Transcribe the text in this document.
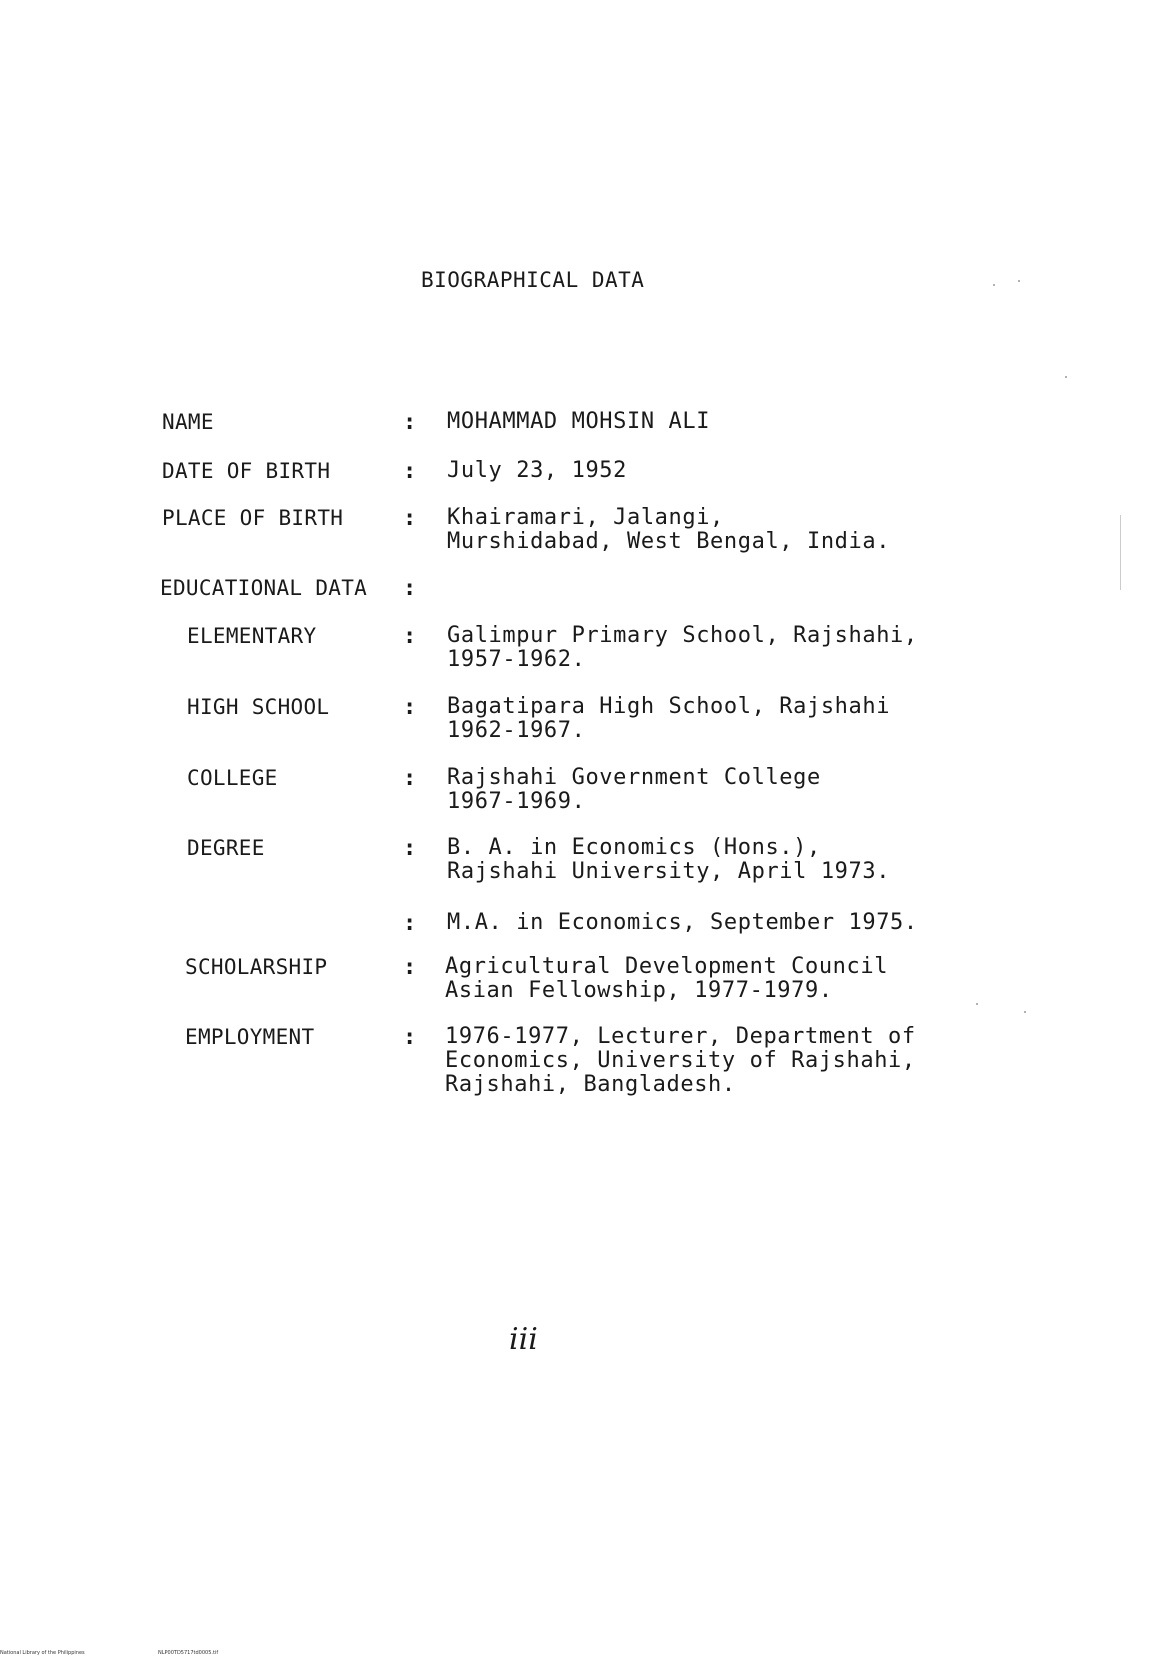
BIOGRAPHICAL DATA
NAME	: MOHAMMAD MOHSIN ALI
DATE OF BIRTH	: July 23, 1952
PLACE OF BIRTH	: Khairamari, Jalangi,
Murshidabad, West Bengal, India.
EDUCATIONAL DATA :
ELEMENTARY	: Galimpur Primary School, Rajshahi,
1957-1962.
HIGH SCHOOL	: Bagatipara High School, Rajshahi
1962-1967.
COLLEGE	: Rajshahi Government College
1967-1969.
DEGREE	: B. A. in Economics (Hons.),
Rajshahi University, April 1973.
: M.A. in Economics, September 1975.
SCHOLARSHIP	: Agricultural Development Council
Asian Fellowship, 1977-1979.
EMPLOYMENT	: 1976-1977, Lecturer, Department of
Economics, University of Rajshahi,
Rajshahi, Bangladesh.
iii
National Library of the Philippines	NLP00TD5717td0005.tif
